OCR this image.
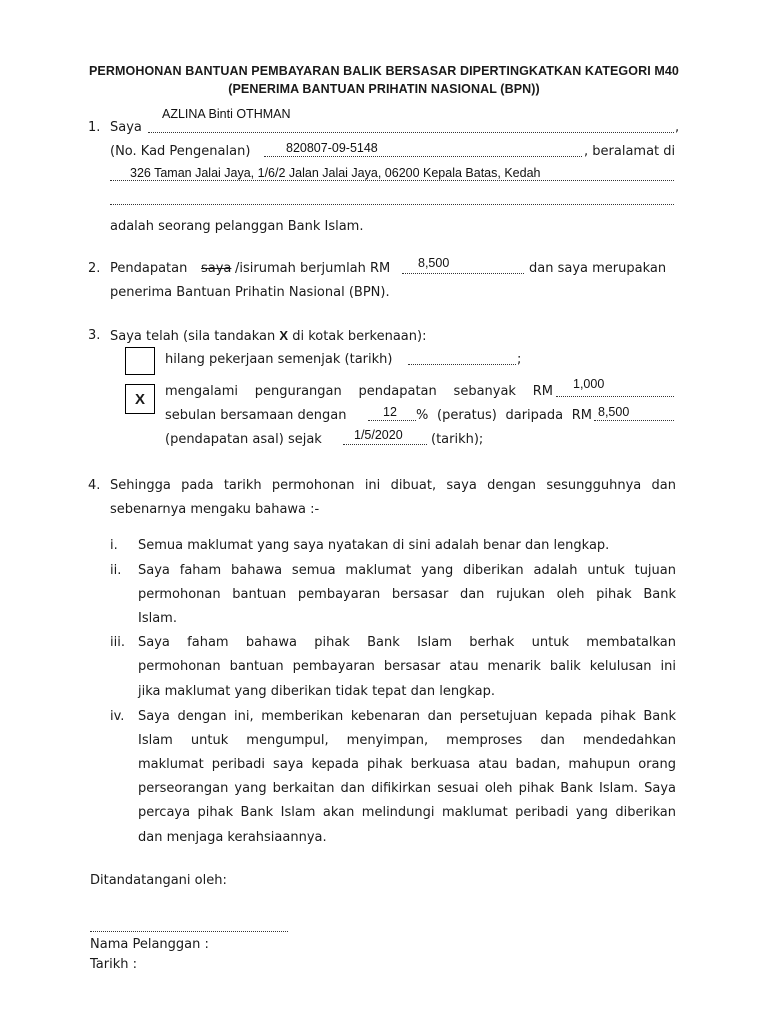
PERMOHONAN BANTUAN PEMBAYARAN BALIK BERSASAR DIPERTINGKATKAN KATEGORI M40
(PENERIMA BANTUAN PRIHATIN NASIONAL (BPN))
1. Saya
AZLINA Binti OTHMAN
,
(No. Kad Pengenalan)	820807-09-5148	, beralamat di
326 Taman Jalai Jaya, 1/6/2 Jalan Jalai Jaya, 06200 Kepala Batas, Kedah
adalah seorang pelanggan Bank Islam.
2. Pendapatan saya /isirumah berjumlah RM 8,500	dan saya merupakan
penerima Bantuan Prihatin Nasional (BPN).
3. Saya telah (sila tandakan X di kotak berkenaan):
hilang pekerjaan semenjak (tarikh)	;
X mengalami pengurangan pendapatan sebanyak RM 1,000
sebulan bersamaan dengan	12 % (peratus) daripada RM 8,500
(pendapatan asal) sejak	1/5/2020 (tarikh);
4. Sehingga pada tarikh permohonan ini dibuat, saya dengan sesungguhnya dan
sebenarnya mengaku bahawa :-
i. Semua maklumat yang saya nyatakan di sini adalah benar dan lengkap.
ii. Saya faham bahawa semua maklumat yang diberikan adalah untuk tujuan
permohonan bantuan pembayaran bersasar dan rujukan oleh pihak Bank
Islam.
iii. Saya faham bahawa pihak Bank Islam berhak untuk membatalkan
permohonan bantuan pembayaran bersasar atau menarik balik kelulusan ini
jika maklumat yang diberikan tidak tepat dan lengkap.
iv. Saya dengan ini, memberikan kebenaran dan persetujuan kepada pihak Bank
Islam untuk mengumpul, menyimpan, memproses dan mendedahkan
maklumat peribadi saya kepada pihak berkuasa atau badan, mahupun orang
perseorangan yang berkaitan dan difikirkan sesuai oleh pihak Bank Islam. Saya
percaya pihak Bank Islam akan melindungi maklumat peribadi yang diberikan
dan menjaga kerahsiaannya.
Ditandatangani oleh:
Nama Pelanggan :
Tarikh :
